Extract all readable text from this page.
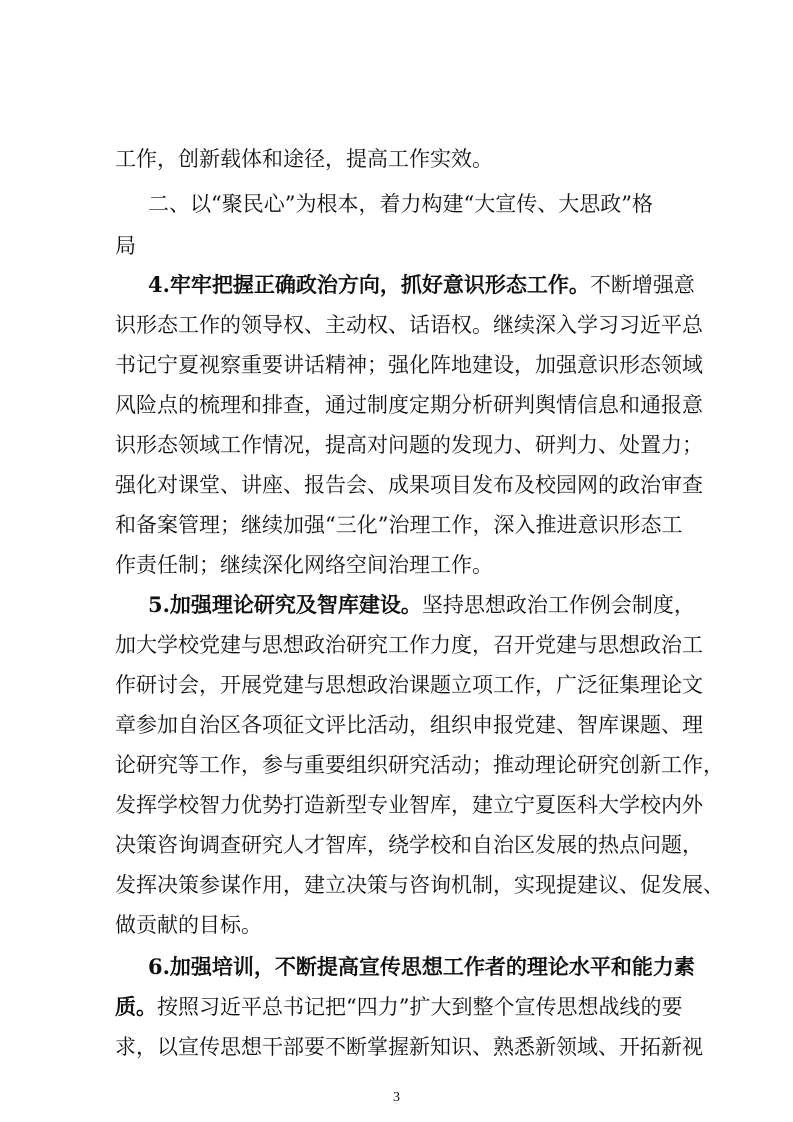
工作，创新载体和途径，提高工作实效。
二、以“聚民心”为根本，着力构建“大宣传、大思政”格
局
4.牢牢把握正确政治方向，抓好意识形态工作。不断增强意
识形态工作的领导权、主动权、话语权。继续深入学习习近平总
书记宁夏视察重要讲话精神；强化阵地建设，加强意识形态领域
风险点的梳理和排查，通过制度定期分析研判舆情信息和通报意
识形态领域工作情况，提高对问题的发现力、研判力、处置力；
强化对课堂、讲座、报告会、成果项目发布及校园网的政治审查
和备案管理；继续加强“三化”治理工作，深入推进意识形态工
作责任制；继续深化网络空间治理工作。
5.加强理论研究及智库建设。坚持思想政治工作例会制度，
加大学校党建与思想政治研究工作力度，召开党建与思想政治工
作研讨会，开展党建与思想政治课题立项工作，广泛征集理论文
章参加自治区各项征文评比活动，组织申报党建、智库课题、理
论研究等工作，参与重要组织研究活动；推动理论研究创新工作，
发挥学校智力优势打造新型专业智库，建立宁夏医科大学校内外
决策咨询调查研究人才智库，绕学校和自治区发展的热点问题，
发挥决策参谋作用，建立决策与咨询机制，实现提建议、促发展、
做贡献的目标。
6.加强培训，不断提高宣传思想工作者的理论水平和能力素
质。按照习近平总书记把“四力”扩大到整个宣传思想战线的要
求，以宣传思想干部要不断掌握新知识、熟悉新领域、开拓新视
3
